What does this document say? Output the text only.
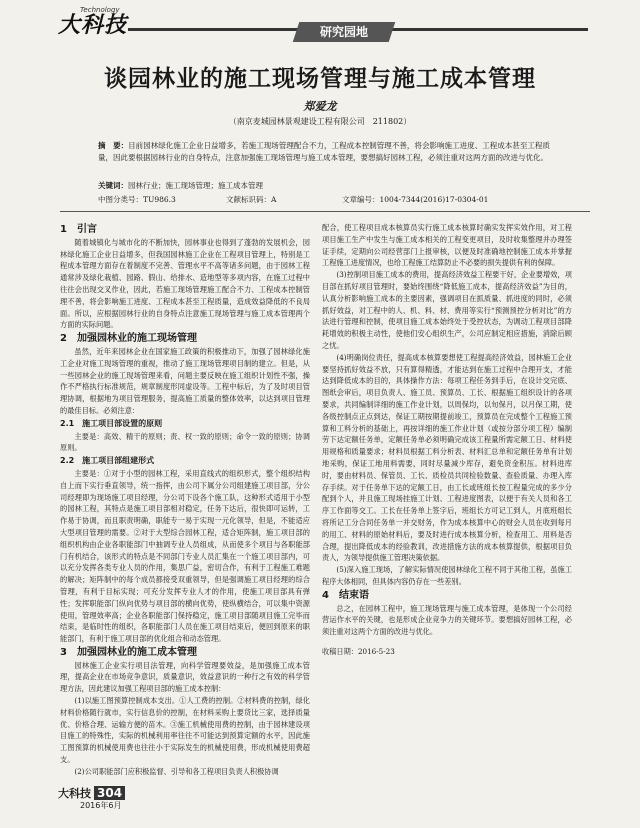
Technology
大科技	研究园地
谈园林业的施工现场管理与施工成本管理
郑爱龙
（南京麦城园林景观建设工程有限公司　211802）
摘　要：目前园林绿化施工企业日益增多，若施工现场管理配合不力，工程成本控制管理不善，将会影响施工进度、工程成本甚至工程质量，因此要根据园林行业的自身特点，注意加强施工现场管理与施工成本管理，要想搞好园林工程，必须注重对这两方面的改进与优化。
关键词：园林行业；施工现场管理；施工成本管理
中图分类号：TU986.3	文献标识码：A	文章编号：1004-7344(2016)17-0304-01
1　引言

随着城镇化与城市化的不断加快，园林事业也得到了蓬勃的发展机会，园林绿化施工企业日益增多，但我国园林施工企业在工程项目管理上，特别是工程成本管理方面存在着制度不完善、管理水平不高等诸多问题，由于园林工程通常涉及绿化栽植、园路、假山、给排水、造地型等多项内容，在施工过程中往往会出现交叉作业，因此，若施工现场管理施工配合不力、工程成本控制管理不善，将会影响施工进度、工程成本甚至工程质量，造成效益降低的不良局面。所以，应根据园林行业的自身特点注意施工现场管理与施工成本管理两个方面的实际问题。

2　加强园林业的施工现场管理

虽然，近年来园林企业在国家施工政策的积极推动下，加强了园林绿化施工企业对施工现场管理的重视，推动了施工现场管理项目制的建立。但是，从一些园林企业的施工现场管理来看，问题主要反映在施工组织计划性不强，操作不严格执行标准规范，规章制度形同虚设等。工程中标后，为了及时项目管理协调，根据地为项目管理服务，提高施工质量的整体效率，以达到项目管理的最佳目标。必须注意：

2.1　施工项目部设置的原则

主要是：高效、精干的原则；责、权一致的原则；命令一致的原则；协调原则。

2.2　施工项目部组建形式

主要是：①对于小型的园林工程，采用直线式的组织形式，整个组织结构自上而下实行垂直领导，统一指挥，由公司下属分公司组建施工项目部，分公司经理即为现场施工项目经理，分公司下设各个施工队，这种形式适用于小型的园林工程，其特点是施工项目部相对稳定，任务下达后，很快即可运转，工作易于协调，而且职责明确，职能专一易于实现一元化领导，但是，不能适应大型项目管理的需要。②对于大型综合园林工程，适合矩阵制，施工项目部的组织机构由企业各职能部门中抽调专业人员组成，从而使多个项目与各职能部门有机结合，该形式的特点是不同部门专业人员汇集在一个施工项目部内，可以充分发挥各类专业人员的作用，集思广益，密切合作，有利于工程施工难题的解决；矩阵制中的每个成员都接受双重领导，但是强调施工项目经理的综合管理，有利于目标实现；可充分发挥专业人才的作用，使施工项目部具有弹性；发挥职能部门纵向优势与项目部的横向优势，使纵横结合，可以集中资源使用，管理效率高；企业各职能部门保持稳定，施工项目部随项目施工完毕而结束，是临时性的组织，各职能部门人员在施工项目结束后，便回到原来的职能部门，有利于施工项目部的优化组合和动态管理。

3　加强园林业的施工成本管理

园林施工企业实行项目法管理，向科学管理要效益，是加强施工成本管理，提高企业在市场竞争意识，质量意识，效益意识的一种行之有效的科学管理方法，因此建议加强工程项目部的施工成本控制：

(1)以施工图预算控制成本支出。①人工费的控制。②材料费的控制，绿化材料价格随行就市，实行信息价的控制，在材料采购上要货比三家，选择质量优、价格合理、运输方便的苗木。③施工机械使用费的控制，由于园林建设项目施工的特殊性，实际的机械利用率往往不可能达到预算定额的水平，因此施工图预算的机械使用费也往往小于实际发生的机械使用费，形成机械使用费超支。

(2)公司职能部门应积极监督、引导和各工程项目负责人积极协调

配合，使工程项目成本核算员实行施工成本核算时确实发挥实效作用，对工程项目施工生产中发生与施工成本相关的工程变更项目，及时收集整理并办理签证手续，定期向公司经营部门上报审核，以便及时准确地控制施工成本并掌握工程施工进度情况，也给工程施工结算防止不必要的损失提供有利的保障。

(3)控制项目施工成本的费用，提高经济效益工程要干好，企业要增效，项目部在抓好项目管理时，要始终围绕“降低施工成本，提高经济效益”为目的，认真分析影响施工成本的主要因素，强调项目在抓质量、抓进度的同时，必须抓好效益，对工程中的人、机、料、材、费用等实行“预测预控分析对比”的方法进行管理和控制，使项目施工成本始终处于受控状态，为调动工程项目部降耗增效的积极主动性，使他们安心组织生产，公司应制定相应措施，消除后顾之忧。

(4)明确岗位责任，提高成本核算要想使工程提高经济效益，园林施工企业要坚持抓好效益不放，只有算得精透，才能达到在施工过程中合理开支，才能达到降低成本的目的，具体操作方法：每项工程任务到手后，在设计交完底、图纸会审后，项目负责人、施工员、预算员、工长、根据施工组织设计的各项要求，共同编制详细的施工作业计划，以周保均，以旬保月，以月保工期，使各级控制点正点到达，保证工期按期提前竣工，预算员在完成整个工程施工预算和工料分析的基础上，再按详细的施工作业计划（或按分部分项工程）编制劳下达定额任务单，定额任务单必须明确完成该工程量所需定额工日、材料使用规格和质量要求；材料员根据工料分析表、材料汇总单和定额任务单有计划地采购，保证工地用料需要，同时尽量减少库存，避免资金积压。材料进库时，要由材料员、保管员、工长、质检员共同检验数量、查验质量、办理入库存手续。对于任务单下达的定额工日，由工长或班组长按工程量完成的多少分配到个人，并且施工现场挂施工计划、工程进度图表，以便于有关人员和各工序工作面等交工。工长在任务单上签字后，班组长方可记工到人，月底班组长将所记工分合同任务单一并交财务，作为成本核算中心的财会人员在收到每月的用工、材料的原始材料后，要及时进行成本核算分析，检查用工、用料是否合理，提出降低成本的经验教训，改进措施方法的成本核算提供，根据项目负责人，为领导提供施工管理决策依据。

(5)深入施工现场，了解实际情况使园林绿化工程不同于其他工程，虽施工程序大体相同，但具体内容仍存在一些差别。

4　结束语

总之，在园林工程中，施工现场管理与施工成本管理，是体现一个公司经营运作水平的关键，也是形成企业竞争力的关键环节。要想搞好园林工程，必须注重对这两个方面的改进与优化。

收稿日期：2016-5-23

大科技 304
2016年6月
